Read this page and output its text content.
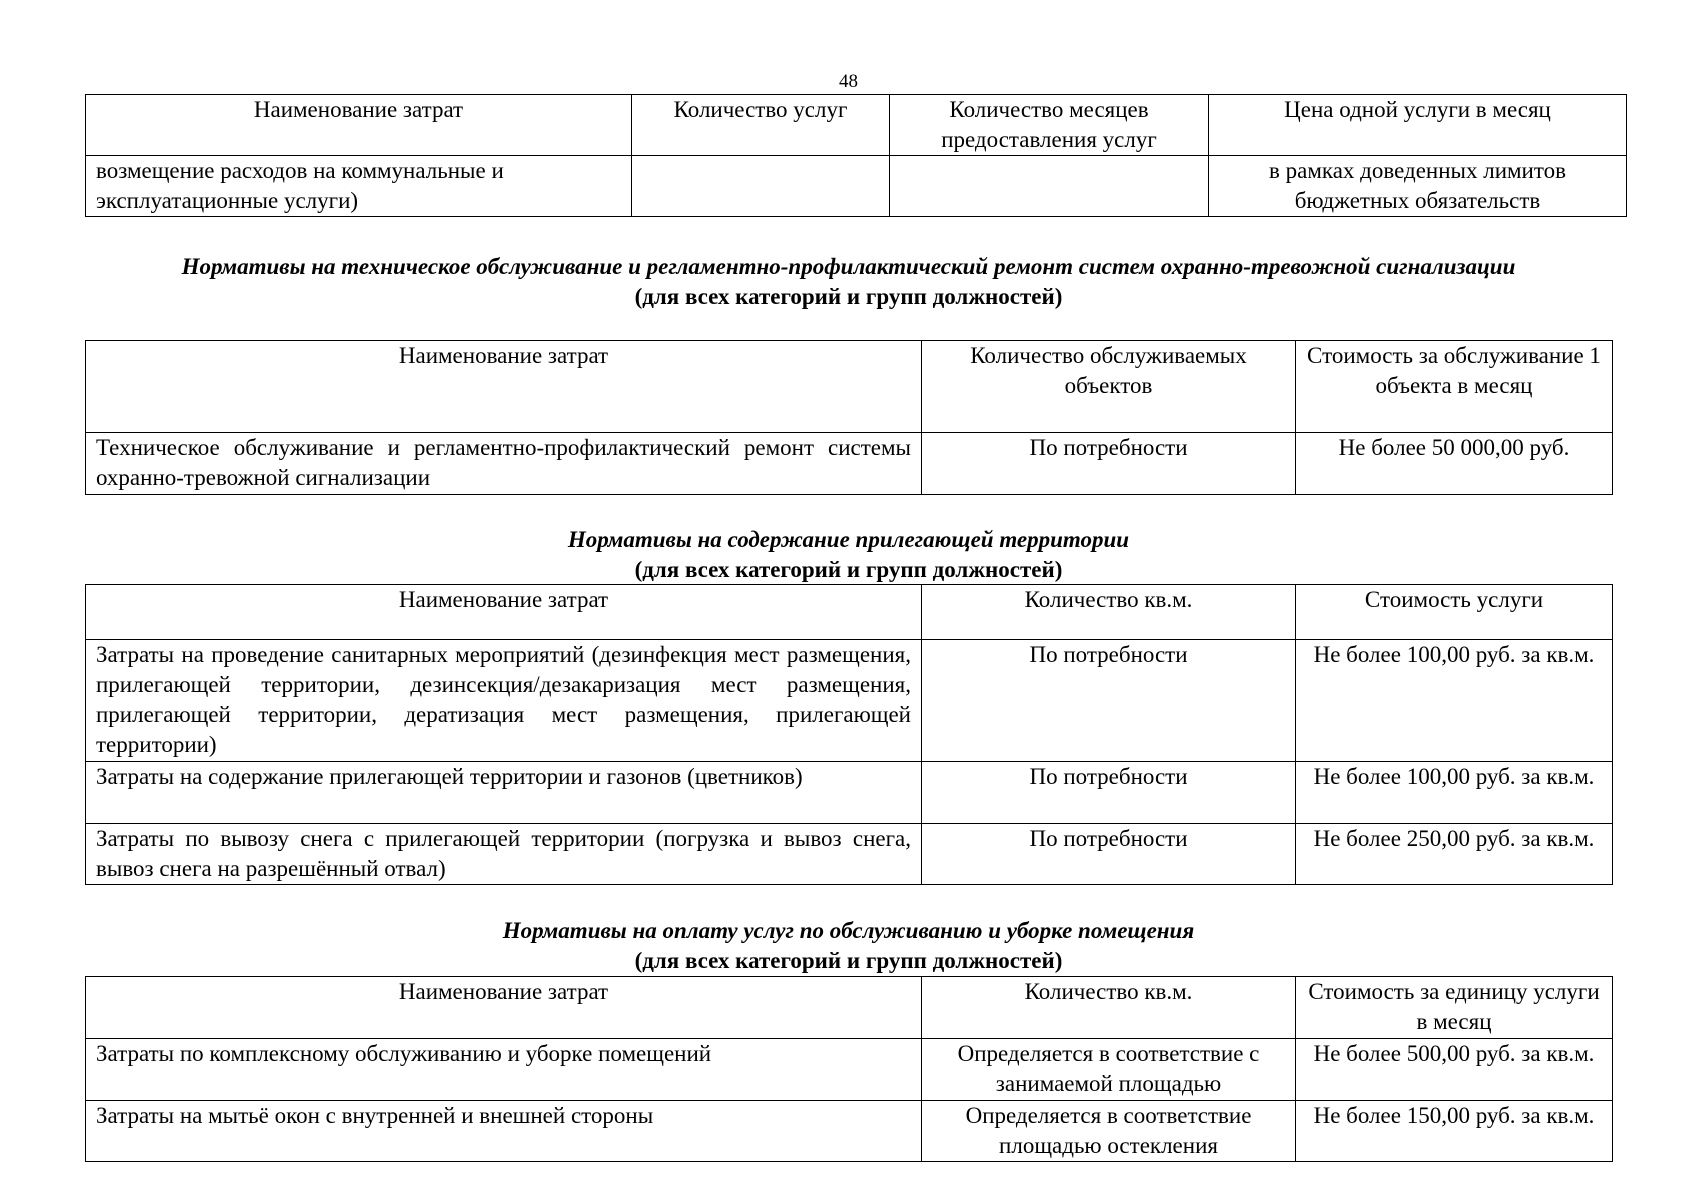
48
Наименование затрат	Количество услуг	Количество месяцев предоставления услуг	Цена одной услуги в месяц
возмещение расходов на коммунальные и эксплуатационные услуги)			в рамках доведенных лимитов бюджетных обязательств
Нормативы на техническое обслуживание и регламентно-профилактический ремонт систем охранно-тревожной сигнализации
(для всех категорий и групп должностей)
Наименование затрат	Количество обслуживаемых объектов	Стоимость за обслуживание 1 объекта в месяц
Техническое обслуживание и регламентно-профилактический ремонт системы охранно-тревожной сигнализации	По потребности	Не более 50 000,00 руб.
Нормативы на содержание прилегающей территории
(для всех категорий и групп должностей)
Наименование затрат	Количество кв.м.	Стоимость услуги
Затраты на проведение санитарных мероприятий (дезинфекция мест размещения, прилегающей территории, дезинсекция/дезакаризация мест размещения, прилегающей территории, дератизация мест размещения, прилегающей территории)	По потребности	Не более 100,00 руб. за кв.м.
Затраты на содержание прилегающей территории и газонов (цветников)	По потребности	Не более 100,00 руб. за кв.м.
Затраты по вывозу снега с прилегающей территории (погрузка и вывоз снега, вывоз снега на разрешённый отвал)	По потребности	Не более 250,00 руб. за кв.м.
Нормативы на оплату услуг по обслуживанию и уборке помещения
(для всех категорий и групп должностей)
Наименование затрат	Количество кв.м.	Стоимость за единицу услуги в месяц
Затраты по комплексному обслуживанию и уборке помещений	Определяется в соответствие с занимаемой площадью	Не более 500,00 руб. за кв.м.
Затраты на мытьё окон с внутренней и внешней стороны	Определяется в соответствие площадью остекления	Не более 150,00 руб. за кв.м.
